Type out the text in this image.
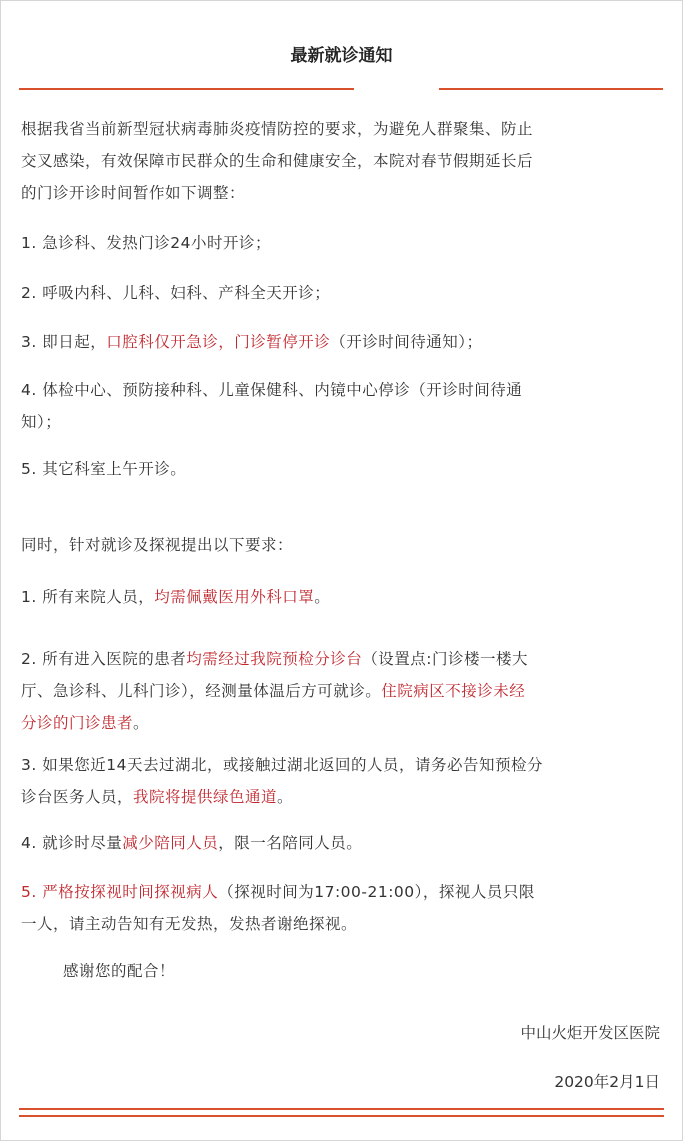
最新就诊通知
根据我省当前新型冠状病毒肺炎疫情防控的要求，为避免人群聚集、防止
交叉感染，有效保障市民群众的生命和健康安全，本院对春节假期延长后
的门诊开诊时间暂作如下调整：
1. 急诊科、发热门诊24小时开诊；
2. 呼吸内科、儿科、妇科、产科全天开诊；
3. 即日起，口腔科仅开急诊，门诊暂停开诊（开诊时间待通知）；
4. 体检中心、预防接种科、儿童保健科、内镜中心停诊（开诊时间待通
知）；
5. 其它科室上午开诊。
同时，针对就诊及探视提出以下要求：
1. 所有来院人员，均需佩戴医用外科口罩。
2. 所有进入医院的患者均需经过我院预检分诊台（设置点:门诊楼一楼大
厅、急诊科、儿科门诊），经测量体温后方可就诊。住院病区不接诊未经
分诊的门诊患者。
3. 如果您近14天去过湖北，或接触过湖北返回的人员，请务必告知预检分
诊台医务人员，我院将提供绿色通道。
4. 就诊时尽量减少陪同人员，限一名陪同人员。
5. 严格按探视时间探视病人（探视时间为17:00-21:00），探视人员只限
一人，请主动告知有无发热，发热者谢绝探视。
感谢您的配合！
中山火炬开发区医院
2020年2月1日
